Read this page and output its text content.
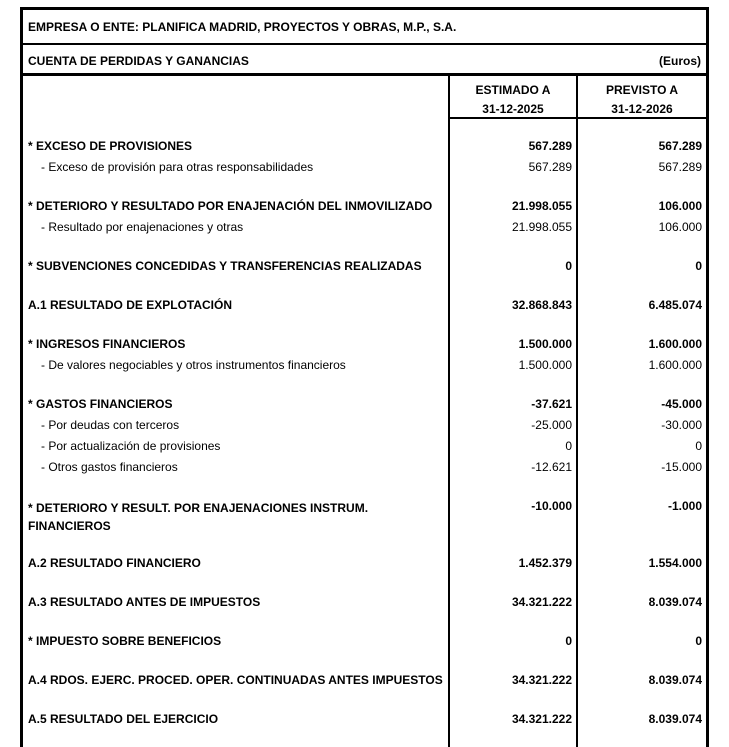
EMPRESA O ENTE: PLANIFICA MADRID, PROYECTOS Y OBRAS, M.P., S.A.
CUENTA DE PERDIDAS Y GANANCIAS	(Euros)
ESTIMADO A
31-12-2025
PREVISTO A
31-12-2026
* EXCESO DE PROVISIONES	567.289	567.289
- Exceso de provisión para otras responsabilidades	567.289	567.289
* DETERIORO Y RESULTADO POR ENAJENACIÓN DEL INMOVILIZADO	21.998.055	106.000
- Resultado por enajenaciones y otras	21.998.055	106.000
* SUBVENCIONES CONCEDIDAS Y TRANSFERENCIAS REALIZADAS	0	0
A.1 RESULTADO DE EXPLOTACIÓN	32.868.843	6.485.074
* INGRESOS FINANCIEROS	1.500.000	1.600.000
- De valores negociables y otros instrumentos financieros	1.500.000	1.600.000
* GASTOS FINANCIEROS	-37.621	-45.000
- Por deudas con terceros	-25.000	-30.000
- Por actualización de provisiones	0	0
- Otros gastos financieros	-12.621	-15.000
* DETERIORO Y RESULT. POR ENAJENACIONES INSTRUM. FINANCIEROS
-10.000	-1.000
A.2 RESULTADO FINANCIERO	1.452.379	1.554.000
A.3 RESULTADO ANTES DE IMPUESTOS	34.321.222	8.039.074
* IMPUESTO SOBRE BENEFICIOS	0	0
A.4 RDOS. EJERC. PROCED. OPER. CONTINUADAS ANTES IMPUESTOS	34.321.222	8.039.074
A.5 RESULTADO DEL EJERCICIO	34.321.222	8.039.074
